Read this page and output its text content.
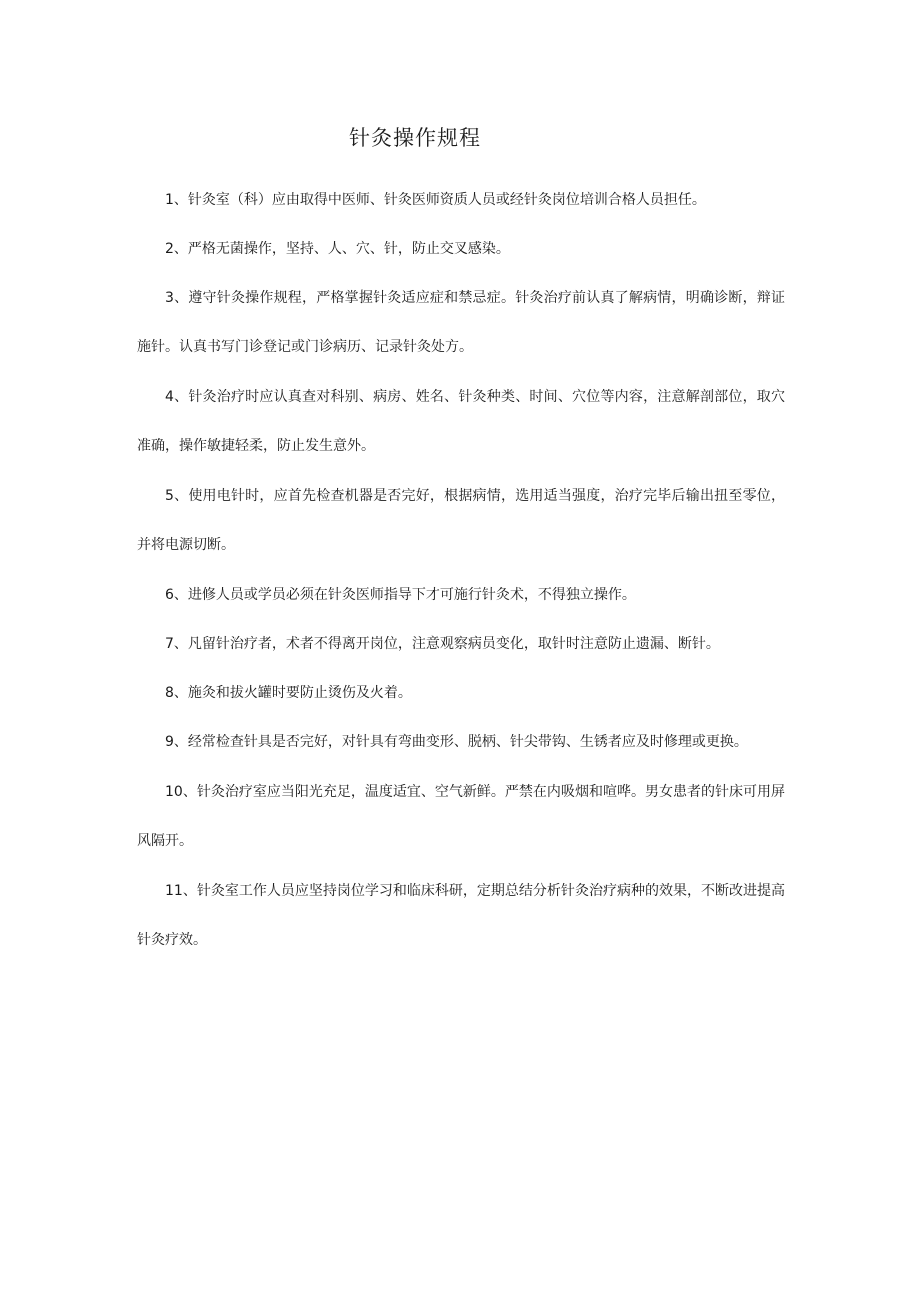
针灸操作规程
1、针灸室（科）应由取得中医师、针灸医师资质人员或经针灸岗位培训合格人员担任。
2、严格无菌操作，坚持、人、穴、针，防止交叉感染。
3、遵守针灸操作规程，严格掌握针灸适应症和禁忌症。针灸治疗前认真了解病情，明确诊断，辩证施针。认真书写门诊登记或门诊病历、记录针灸处方。
4、针灸治疗时应认真查对科别、病房、姓名、针灸种类、时间、穴位等内容，注意解剖部位，取穴准确，操作敏捷轻柔，防止发生意外。
5、使用电针时，应首先检查机器是否完好，根据病情，选用适当强度，治疗完毕后输出扭至零位，并将电源切断。
6、进修人员或学员必须在针灸医师指导下才可施行针灸术，不得独立操作。
7、凡留针治疗者，术者不得离开岗位，注意观察病员变化，取针时注意防止遗漏、断针。
8、施灸和拔火罐时要防止烫伤及火着。
9、经常检查针具是否完好，对针具有弯曲变形、脱柄、针尖带钩、生锈者应及时修理或更换。
10、针灸治疗室应当阳光充足，温度适宜、空气新鲜。严禁在内吸烟和喧哗。男女患者的针床可用屏风隔开。
11、针灸室工作人员应坚持岗位学习和临床科研，定期总结分析针灸治疗病种的效果，不断改进提高针灸疗效。
